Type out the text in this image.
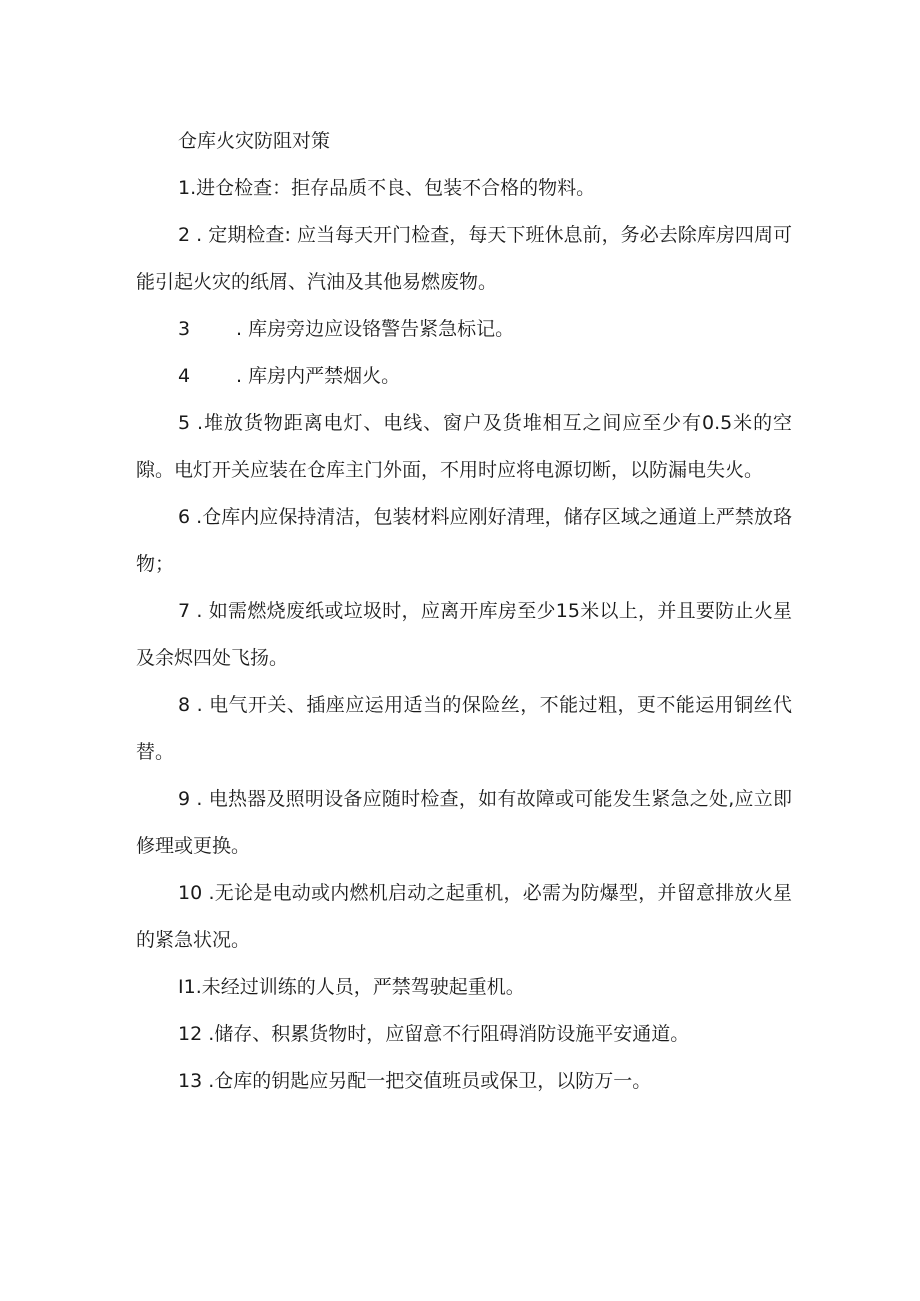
仓库火灾防阻对策

1.进仓检查：拒存品质不良、包装不合格的物料。

2 . 定期检查: 应当每天开门检查，每天下班休息前，务必去除库房四周可能引起火灾的纸屑、汽油及其他易燃废物。

3 . 库房旁边应设铬警告紧急标记。

4 . 库房内严禁烟火。

5 .堆放货物距离电灯、电线、窗户及货堆相互之间应至少有0.5米的空隙。电灯开关应装在仓库主门外面，不用时应将电源切断，以防漏电失火。

6 .仓库内应保持清洁，包装材料应刚好清理，储存区域之通道上严禁放珞物；

7 . 如需燃烧废纸或垃圾时，应离开库房至少15米以上，并且要防止火星及余烬四处飞扬。

8 . 电气开关、插座应运用适当的保险丝，不能过粗，更不能运用铜丝代替。

9 . 电热器及照明设备应随时检查，如有故障或可能发生紧急之处,应立即修理或更换。

10 .无论是电动或内燃机启动之起重机，必需为防爆型，并留意排放火星的紧急状况。

I1.未经过训练的人员，严禁驾驶起重机。

12 .储存、积累货物时，应留意不行阻碍消防设施平安通道。

13 .仓库的钥匙应另配一把交值班员或保卫，以防万一。
